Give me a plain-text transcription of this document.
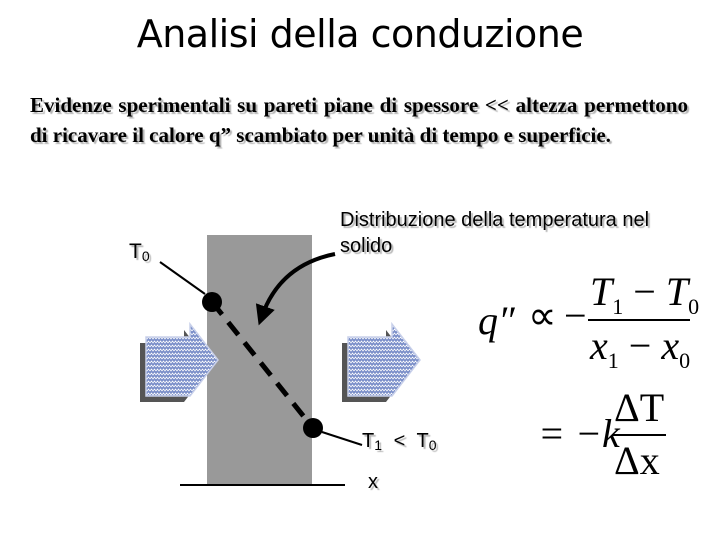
Analisi della conduzione
Evidenze sperimentali su pareti piane di spessore << altezza permettono di ricavare il calore q” scambiato per unità di tempo e superficie.
$T_0$
Distribuzione della temperatura nel solido
$T_1 < T_0$
x
q″ ∝ −
$T_1 - T_0$
$x_1 - x_0$
= −k
ΔT
Δx
